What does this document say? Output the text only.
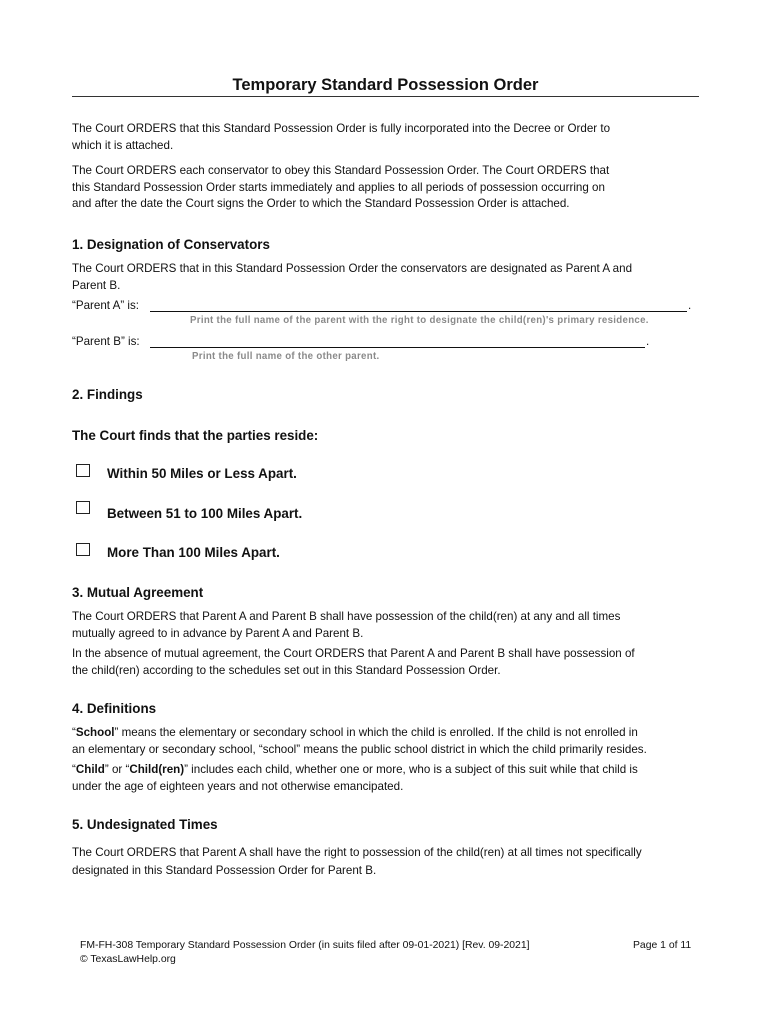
Temporary Standard Possession Order
The Court ORDERS that this Standard Possession Order is fully incorporated into the Decree or Order to
which it is attached.
The Court ORDERS each conservator to obey this Standard Possession Order. The Court ORDERS that
this Standard Possession Order starts immediately and applies to all periods of possession occurring on
and after the date the Court signs the Order to which the Standard Possession Order is attached.
1. Designation of Conservators
The Court ORDERS that in this Standard Possession Order the conservators are designated as Parent A and
Parent B.
“Parent A” is:	.
Print the full name of the parent with the right to designate the child(ren)'s primary residence.
“Parent B” is:	.
Print the full name of the other parent.
2. Findings
The Court finds that the parties reside:
Within 50 Miles or Less Apart.
Between 51 to 100 Miles Apart.
More Than 100 Miles Apart.
3. Mutual Agreement
The Court ORDERS that Parent A and Parent B shall have possession of the child(ren) at any and all times
mutually agreed to in advance by Parent A and Parent B.
In the absence of mutual agreement, the Court ORDERS that Parent A and Parent B shall have possession of
the child(ren) according to the schedules set out in this Standard Possession Order.
4. Definitions
“School” means the elementary or secondary school in which the child is enrolled. If the child is not enrolled in
an elementary or secondary school, “school” means the public school district in which the child primarily resides.
“Child” or “Child(ren)” includes each child, whether one or more, who is a subject of this suit while that child is
under the age of eighteen years and not otherwise emancipated.
5. Undesignated Times
The Court ORDERS that Parent A shall have the right to possession of the child(ren) at all times not specifically
designated in this Standard Possession Order for Parent B.
FM-FH-308 Temporary Standard Possession Order (in suits filed after 09-01-2021) [Rev. 09-2021]
© TexasLawHelp.org
Page 1 of 11
